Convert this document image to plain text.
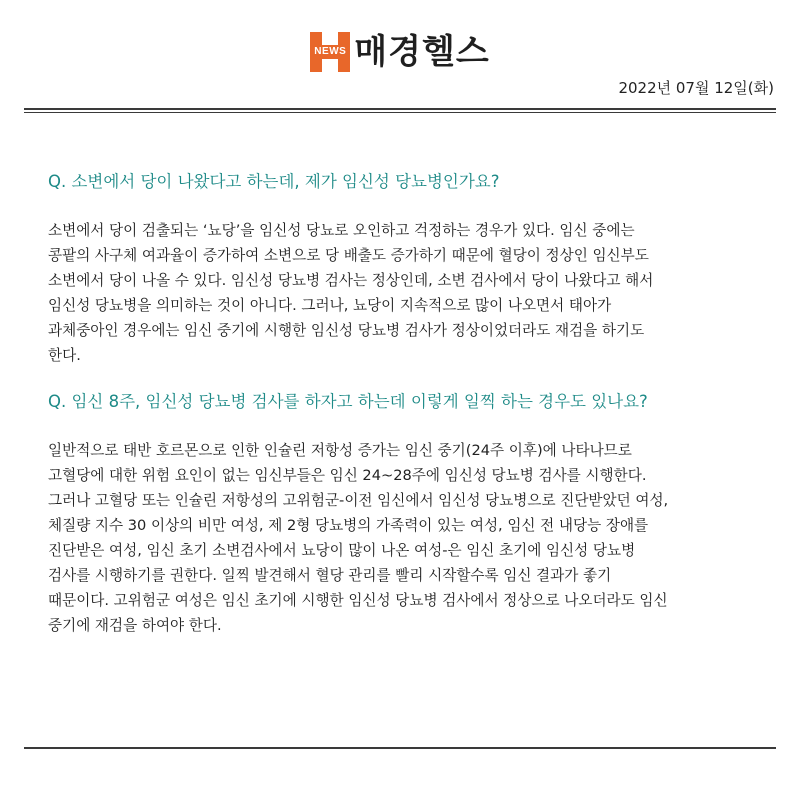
NEWS 매경헬스
2022년 07월 12일(화)

Q. 소변에서 당이 나왔다고 하는데, 제가 임신성 당뇨병인가요?

소변에서 당이 검출되는 ‘뇨당’을 임신성 당뇨로 오인하고 걱정하는 경우가 있다. 임신 중에는
콩팥의 사구체 여과율이 증가하여 소변으로 당 배출도 증가하기 때문에 혈당이 정상인 임신부도
소변에서 당이 나올 수 있다. 임신성 당뇨병 검사는 정상인데, 소변 검사에서 당이 나왔다고 해서
임신성 당뇨병을 의미하는 것이 아니다. 그러나, 뇨당이 지속적으로 많이 나오면서 태아가
과체중아인 경우에는 임신 중기에 시행한 임신성 당뇨병 검사가 정상이었더라도 재검을 하기도
한다.

Q. 임신 8주, 임신성 당뇨병 검사를 하자고 하는데 이렇게 일찍 하는 경우도 있나요?

일반적으로 태반 호르몬으로 인한 인슐린 저항성 증가는 임신 중기(24주 이후)에 나타나므로
고혈당에 대한 위험 요인이 없는 임신부들은 임신 24~28주에 임신성 당뇨병 검사를 시행한다.
그러나 고혈당 또는 인슐린 저항성의 고위험군-이전 임신에서 임신성 당뇨병으로 진단받았던 여성,
체질량 지수 30 이상의 비만 여성, 제 2형 당뇨병의 가족력이 있는 여성, 임신 전 내당능 장애를
진단받은 여성, 임신 초기 소변검사에서 뇨당이 많이 나온 여성-은 임신 초기에 임신성 당뇨병
검사를 시행하기를 권한다. 일찍 발견해서 혈당 관리를 빨리 시작할수록 임신 결과가 좋기
때문이다. 고위험군 여성은 임신 초기에 시행한 임신성 당뇨병 검사에서 정상으로 나오더라도 임신
중기에 재검을 하여야 한다.
